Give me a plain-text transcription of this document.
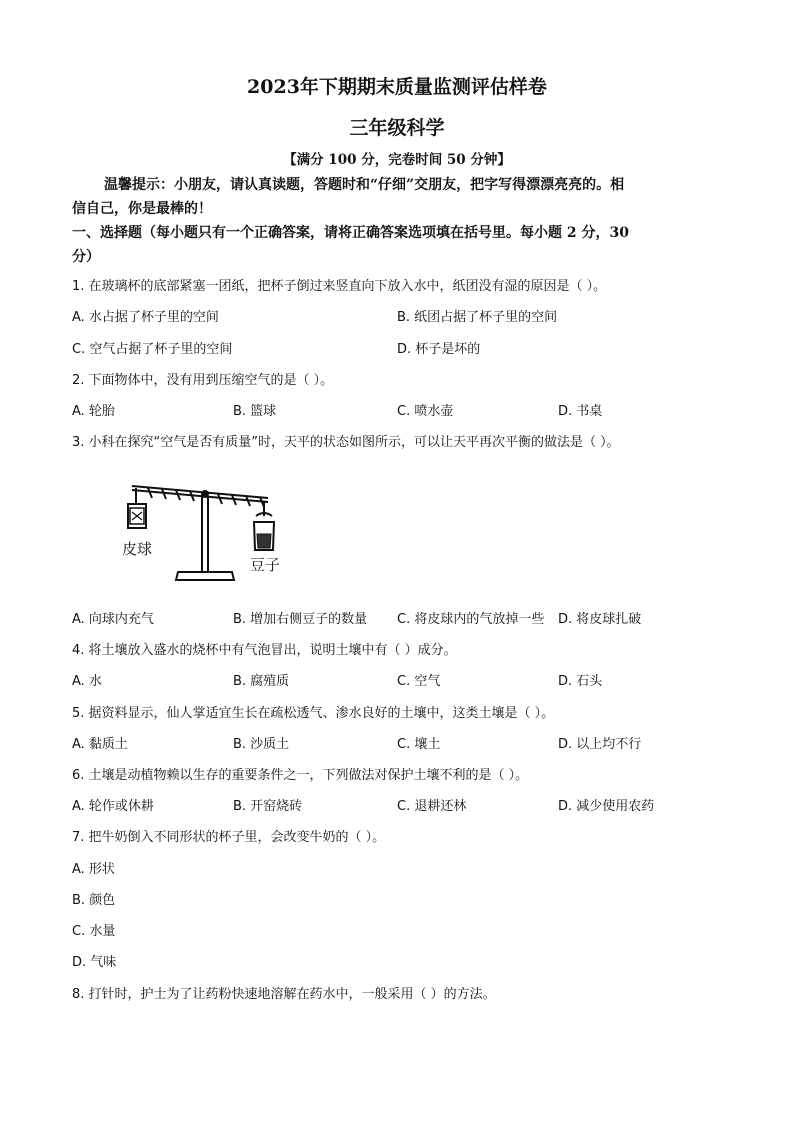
2023年下期期末质量监测评估样卷
三年级科学
【满分 100 分，完卷时间 50 分钟】
温馨提示：小朋友，请认真读题，答题时和“仔细”交朋友，把字写得漂漂亮亮的。相
信自己，你是最棒的！
一、选择题（每小题只有一个正确答案，请将正确答案选项填在括号里。每小题 2 分，30
分）
1. 在玻璃杯的底部紧塞一团纸，把杯子倒过来竖直向下放入水中，纸团没有湿的原因是（ ）。
A. 水占据了杯子里的空间	B. 纸团占据了杯子里的空间
C. 空气占据了杯子里的空间	D. 杯子是坏的
2. 下面物体中，没有用到压缩空气的是（ ）。
A. 轮胎	B. 篮球	C. 喷水壶	D. 书桌
3. 小科在探究“空气是否有质量”时，天平的状态如图所示，可以让天平再次平衡的做法是（ ）。
皮球
豆子
A. 向球内充气	B. 增加右侧豆子的数量 C. 将皮球内的气放掉一些 D. 将皮球扎破
4. 将土壤放入盛水的烧杯中有气泡冒出，说明土壤中有（ ）成分。
A. 水	B. 腐殖质	C. 空气	D. 石头
5. 据资料显示，仙人掌适宜生长在疏松透气、渗水良好的土壤中，这类土壤是（ ）。
A. 黏质土	B. 沙质土	C. 壤土	D. 以上均不行
6. 土壤是动植物赖以生存的重要条件之一，下列做法对保护土壤不利的是（ ）。
A. 轮作或休耕	B. 开窑烧砖	C. 退耕还林	D. 减少使用农药
7. 把牛奶倒入不同形状的杯子里，会改变牛奶的（ ）。
A. 形状
B. 颜色
C. 水量
D. 气味
8. 打针时，护士为了让药粉快速地溶解在药水中，一般采用（ ）的方法。
